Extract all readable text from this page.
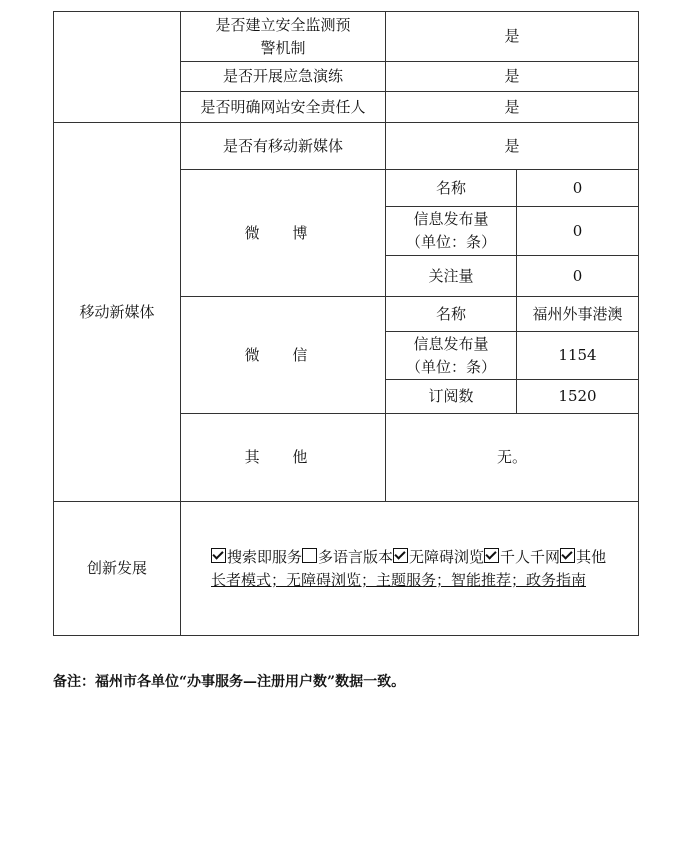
	是否建立安全监测预警机制	是	
	是否开展应急演练	是	
	是否明确网站安全责任人	是	
移动新媒体	是否有移动新媒体	是	
	微 博	名称	0

		信息发布量
（单位：条）	0
		关注量	0
	微 信	名称	福州外事港澳

		信息发布量
（单位：条）	1154
		订阅数	1520
	其 他	无。	
创新发展	搜索即服务 多语言版本 无障碍浏览 千人千网 其他
长者模式；无障碍浏览；主题服务；智能推荐；政务指南		
备注：福州市各单位“办事服务—注册用户数”数据一致。
